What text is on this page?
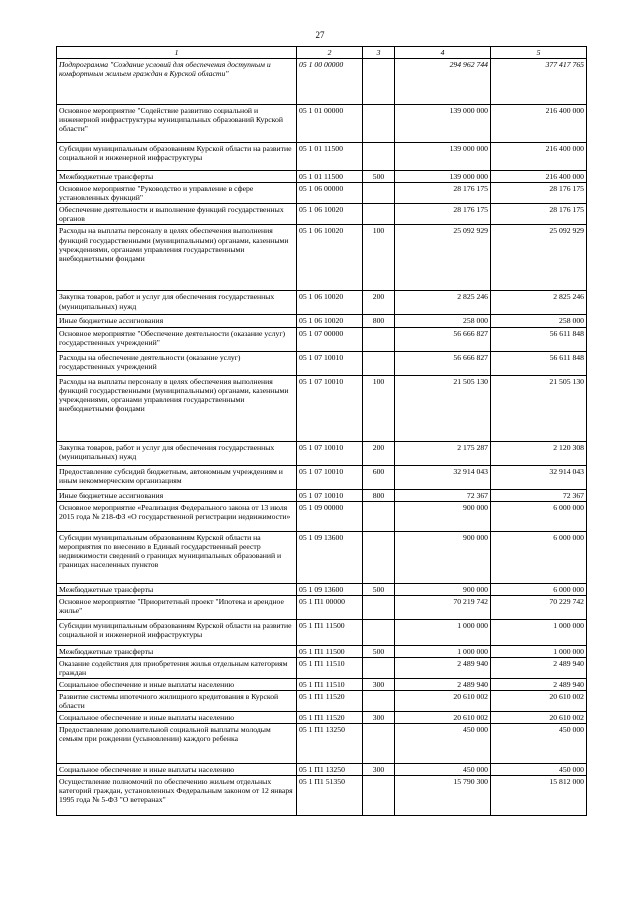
27
1	2	3	4	5
Подпрограмма "Создание условий для обеспечения доступным и комфортным жильем граждан в Курской области"	05 1 00 00000		294 962 744	377 417 765
Основное мероприятие "Содействие развитию социальной и инженерной инфраструктуры муниципальных образований Курской области"	05 1 01 00000		139 000 000	216 400 000
Субсидии муниципальным образованиям Курской области на развитие социальной и инженерной инфраструктуры	05 1 01 11500		139 000 000	216 400 000
Межбюджетные трансферты	05 1 01 11500	500	139 000 000	216 400 000
Основное мероприятие "Руководство и управление в сфере установленных функций"	05 1 06 00000		28 176 175	28 176 175
Обеспечение деятельности и выполнение функций государственных органов	05 1 06 10020		28 176 175	28 176 175
Расходы на выплаты персоналу в целях обеспечения выполнения функций государственными (муниципальными) органами, казенными учреждениями, органами управления государственными внебюджетными фондами	05 1 06 10020	100	25 092 929	25 092 929
Закупка товаров, работ и услуг для обеспечения государственных (муниципальных) нужд	05 1 06 10020	200	2 825 246	2 825 246
Иные бюджетные ассигнования	05 1 06 10020	800	258 000	258 000
Основное мероприятие "Обеспечение деятельности (оказание услуг) государственных учреждений"	05 1 07 00000		56 666 827	56 611 848
Расходы на обеспечение деятельности (оказание услуг) государственных учреждений	05 1 07 10010		56 666 827	56 611 848
Расходы на выплаты персоналу в целях обеспечения выполнения функций государственными (муниципальными) органами, казенными учреждениями, органами управления государственными внебюджетными фондами	05 1 07 10010	100	21 505 130	21 505 130
Закупка товаров, работ и услуг для обеспечения государственных (муниципальных) нужд	05 1 07 10010	200	2 175 287	2 120 308
Предоставление субсидий бюджетным, автономным учреждениям и иным некоммерческим организациям	05 1 07 10010	600	32 914 043	32 914 043
Иные бюджетные ассигнования	05 1 07 10010	800	72 367	72 367
Основное мероприятие «Реализация Федерального закона от 13 июля 2015 года № 218-ФЗ «О государственной регистрации недвижимости»	05 1 09 00000		900 000	6 000 000
Субсидии муниципальным образованиям Курской области на мероприятия по внесению в Единый государственный реестр недвижимости сведений о границах муниципальных образований и границах населенных пунктов	05 1 09 13600		900 000	6 000 000
Межбюджетные трансферты	05 1 09 13600	500	900 000	6 000 000
Основное мероприятие "Приоритетный проект "Ипотека и арендное жилье"	05 1 П1 00000		70 219 742	70 229 742
Субсидии муниципальным образованиям Курской области на развитие социальной и инженерной инфраструктуры	05 1 П1 11500		1 000 000	1 000 000
Межбюджетные трансферты	05 1 П1 11500	500	1 000 000	1 000 000
Оказание содействия для приобретения жилья отдельным категориям граждан	05 1 П1 11510		2 489 940	2 489 940
Социальное обеспечение и иные выплаты населению	05 1 П1 11510	300	2 489 940	2 489 940
Развитие системы ипотечного жилищного кредитования в Курской области	05 1 П1 11520		20 610 002	20 610 002
Социальное обеспечение и иные выплаты населению	05 1 П1 11520	300	20 610 002	20 610 002
Предоставление дополнительной социальной выплаты молодым семьям при рождении (усыновлении) каждого ребенка	05 1 П1 13250		450 000	450 000
Социальное обеспечение и иные выплаты населению	05 1 П1 13250	300	450 000	450 000
Осуществление полномочий по обеспечению жильем отдельных категорий граждан, установленных Федеральным законом от 12 января 1995 года № 5-ФЗ "О ветеранах"	05 1 П1 51350		15 790 300	15 812 000
